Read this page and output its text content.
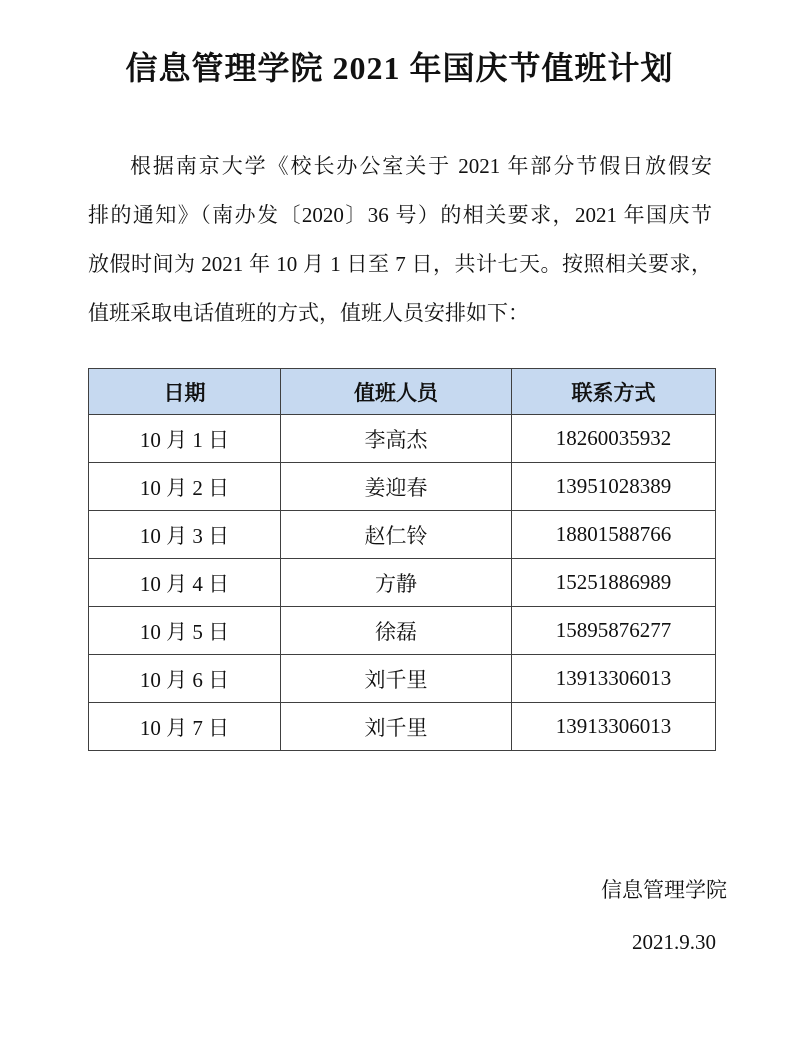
信息管理学院 2021 年国庆节值班计划
根据南京大学《校长办公室关于 2021 年部分节假日放假安
排的通知》（南办发〔2020〕36 号）的相关要求，2021 年国庆节
放假时间为 2021 年 10 月 1 日至 7 日，共计七天。按照相关要求，
值班采取电话值班的方式，值班人员安排如下：
日期	值班人员	联系方式
10 月 1 日	李高杰	18260035932
10 月 2 日	姜迎春	13951028389
10 月 3 日	赵仁铃	18801588766
10 月 4 日	方静	15251886989
10 月 5 日	徐磊	15895876277
10 月 6 日	刘千里	13913306013
10 月 7 日	刘千里	13913306013
信息管理学院
2021.9.30
